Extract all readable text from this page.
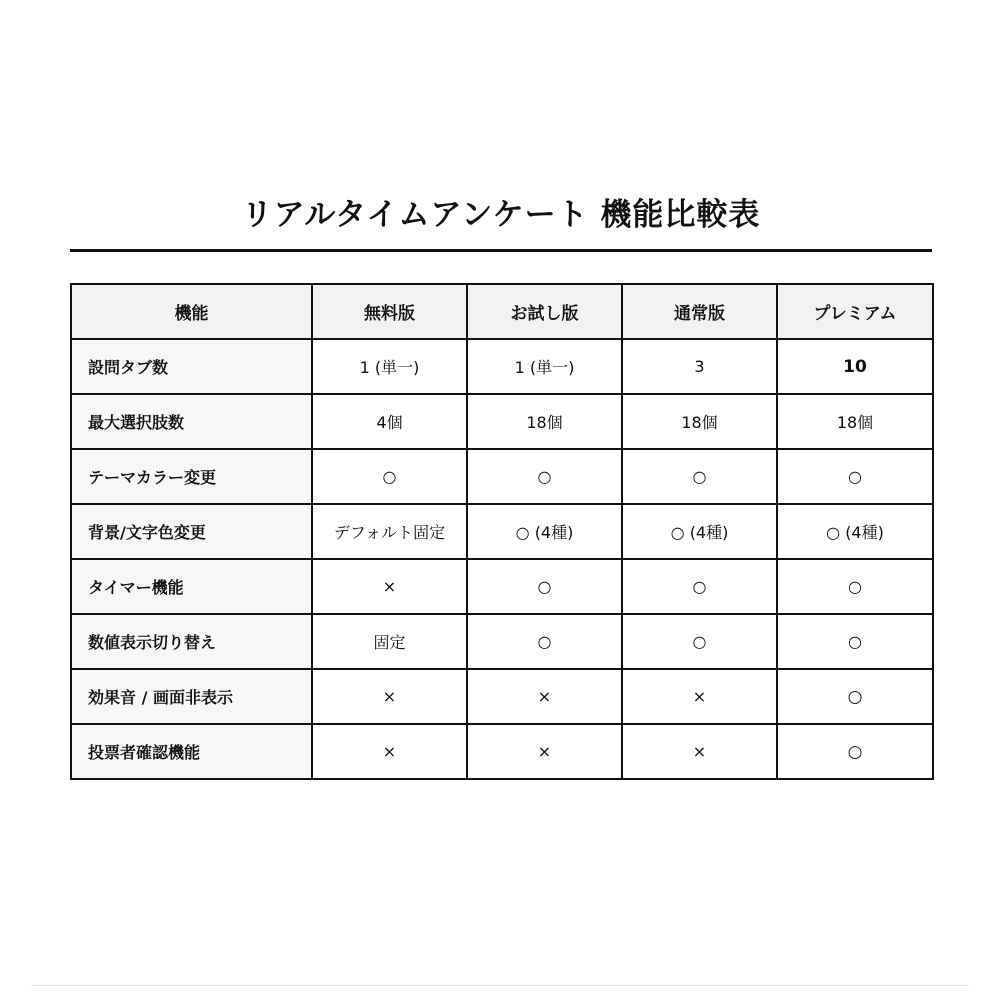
リアルタイムアンケート 機能比較表
機能	無料版	お試し版	通常版	プレミアム
設問タブ数	1 (単一)	1 (単一)	3	10
最大選択肢数	4個	18個	18個	18個
テーマカラー変更	○	○	○	○
背景/文字色変更	デフォルト固定	○ (4種)	○ (4種)	○ (4種)
タイマー機能	×	○	○	○
数値表示切り替え	固定	○	○	○
効果音 / 画面非表示	×	×	×	○
投票者確認機能	×	×	×	○
